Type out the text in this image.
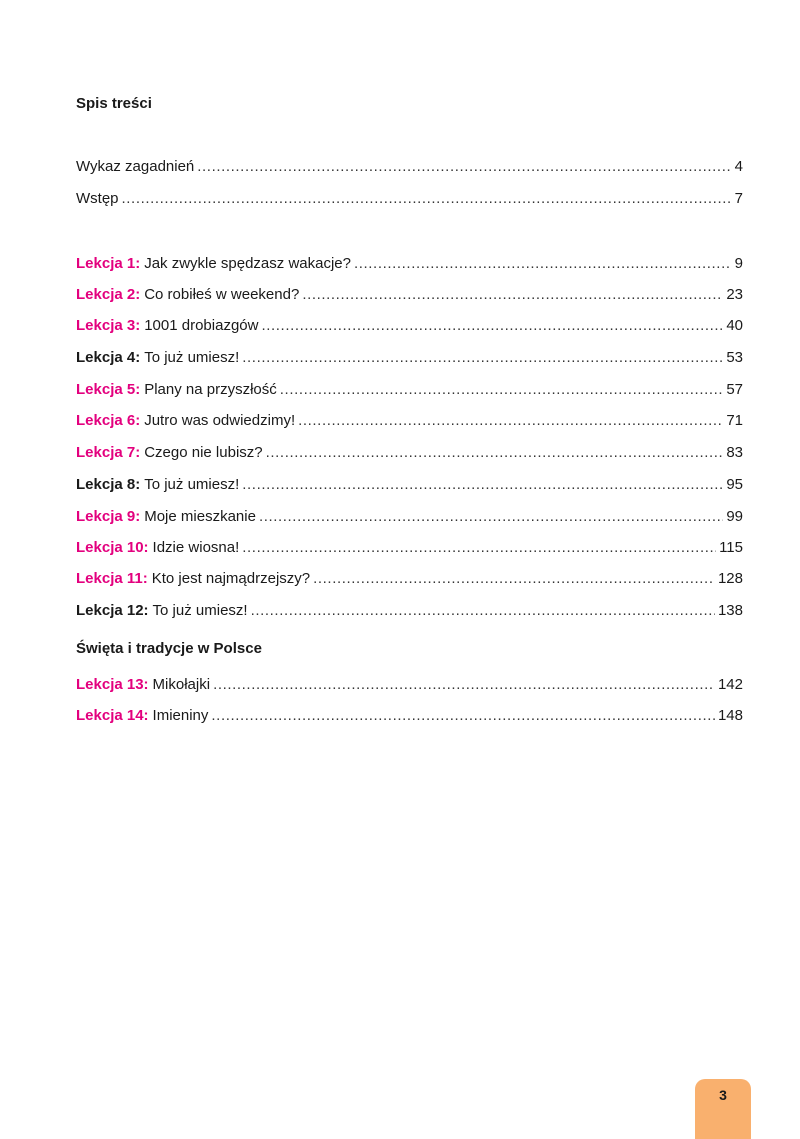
Spis treści
Wykaz zagadnień .....	4
Wstęp .....	7
Lekcja 1: Jak zwykle spędzasz wakacje? .....	9
Lekcja 2: Co robiłeś w weekend? .....	23
Lekcja 3: 1001 drobiazgów .....	40
Lekcja 4: To już umiesz! .....	53
Lekcja 5: Plany na przyszłość .....	57
Lekcja 6: Jutro was odwiedzimy! .....	71
Lekcja 7: Czego nie lubisz? .....	83
Lekcja 8: To już umiesz! .....	95
Lekcja 9: Moje mieszkanie .....	99
Lekcja 10: Idzie wiosna! .....	115
Lekcja 11: Kto jest najmądrzejszy? .....	128
Lekcja 12: To już umiesz! .....	138
Święta i tradycje w Polsce
Lekcja 13: Mikołajki .....	142
Lekcja 14: Imieniny .....	148
3
